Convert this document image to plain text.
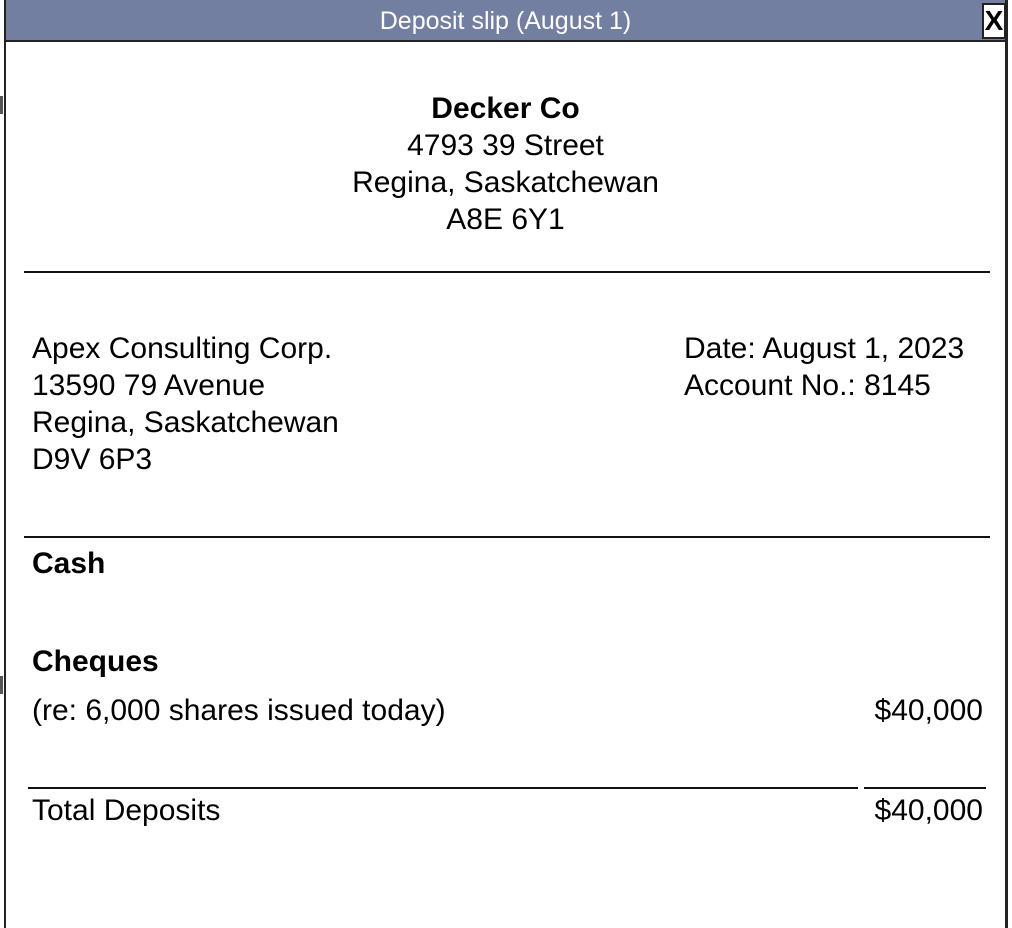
Deposit slip (August 1)	X
Decker Co
4793 39 Street
Regina, Saskatchewan
A8E 6Y1
Apex Consulting Corp.
13590 79 Avenue
Regina, Saskatchewan
D9V 6P3
Date: August 1, 2023
Account No.: 8145
Cash
Cheques
(re: 6,000 shares issued today)	$40,000
Total Deposits	$40,000
